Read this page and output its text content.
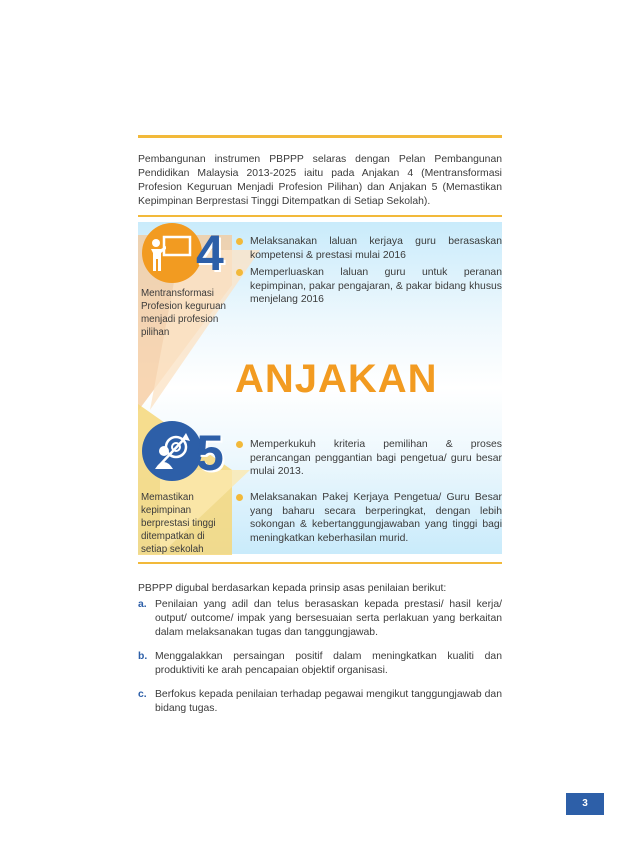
Pembangunan instrumen PBPPP selaras dengan Pelan Pembangunan Pendidikan Malaysia 2013-2025 iaitu pada Anjakan 4 (Mentransformasi Profesion Keguruan Menjadi Profesion Pilihan) dan Anjakan 5 (Memastikan Kepimpinan Berprestasi Tinggi Ditempatkan di Setiap Sekolah).

4
Mentransformasi Profesion keguruan menjadi profesion pilihan
Melaksanakan laluan kerjaya guru berasaskan kompetensi & prestasi mulai 2016
Memperluaskan laluan guru untuk peranan kepimpinan, pakar pengajaran, & pakar bidang khusus menjelang 2016
ANJAKAN
5
Memastikan kepimpinan berprestasi tinggi ditempatkan di setiap sekolah
Memperkukuh kriteria pemilihan & proses perancangan penggantian bagi pengetua/ guru besar mulai 2013.
Melaksanakan Pakej Kerjaya Pengetua/ Guru Besar yang baharu secara berperingkat, dengan lebih sokongan & kebertanggungjawaban yang tinggi bagi meningkatkan keberhasilan murid.
PBPPP digubal berdasarkan kepada prinsip asas penilaian berikut:
a. Penilaian yang adil dan telus berasaskan kepada prestasi/ hasil kerja/ output/ outcome/ impak yang bersesuaian serta perlakuan yang berkaitan dalam melaksanakan tugas dan tanggungjawab.
b. Menggalakkan persaingan positif dalam meningkatkan kualiti dan produktiviti ke arah pencapaian objektif organisasi.
c. Berfokus kepada penilaian terhadap pegawai mengikut tanggungjawab dan bidang tugas.
3
